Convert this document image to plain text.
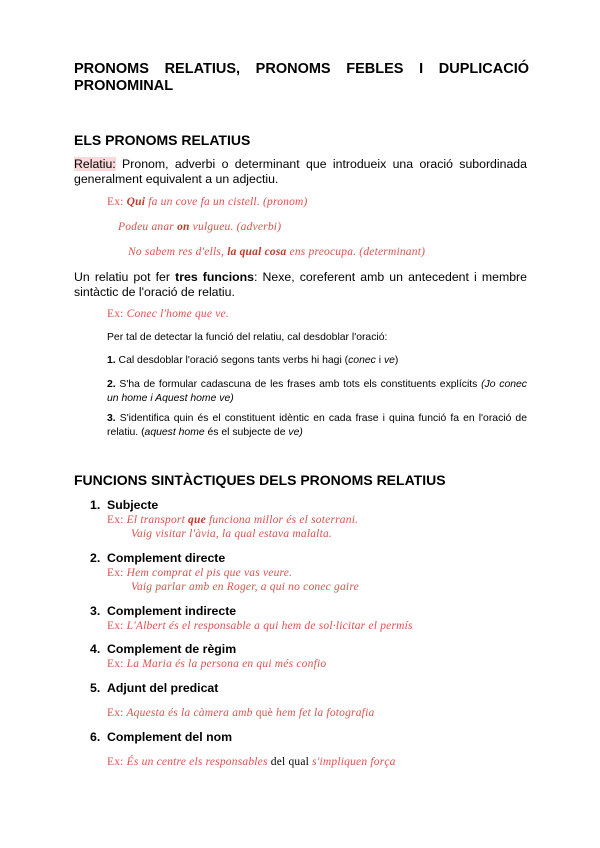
PRONOMS RELATIUS, PRONOMS FEBLES I DUPLICACIÓ
PRONOMINAL
ELS PRONOMS RELATIUS
Relatiu: Pronom, adverbi o determinant que introdueix una oració subordinada generalment equivalent a un adjectiu.
Ex: Qui fa un cove fa un cistell. (pronom)
Podeu anar on vulgueu. (adverbi)
No sabem res d'ells, la qual cosa ens preocupa. (determinant)
Un relatiu pot fer tres funcions: Nexe, coreferent amb un antecedent i membre sintàctic de l'oració de relatiu.
Ex: Conec l'home que ve.
Per tal de detectar la funció del relatiu, cal desdoblar l'oració:
1. Cal desdoblar l'oració segons tants verbs hi hagi (conec i ve)
2. S'ha de formular cadascuna de les frases amb tots els constituents explícits (Jo conec un home i Aquest home ve)
3. S'identifica quin és el constituent idèntic en cada frase i quina funció fa en l'oració de relatiu. (aquest home és el subjecte de ve)
FUNCIONS SINTÀCTIQUES DELS PRONOMS RELATIUS
1. Subjecte
Ex: El transport que funciona millor és el soterrani.
Vaig visitar l'àvia, la qual estava malalta.
2. Complement directe
Ex: Hem comprat el pis que vas veure.
Vaig parlar amb en Roger, a qui no conec gaire
3. Complement indirecte
Ex: L'Albert és el responsable a qui hem de sol·licitar el permís
4. Complement de règim
Ex: La Maria és la persona en qui més confio
5. Adjunt del predicat
Ex: Aquesta és la càmera amb què hem fet la fotografia
6. Complement del nom
Ex: És un centre els responsables del qual s'impliquen força
